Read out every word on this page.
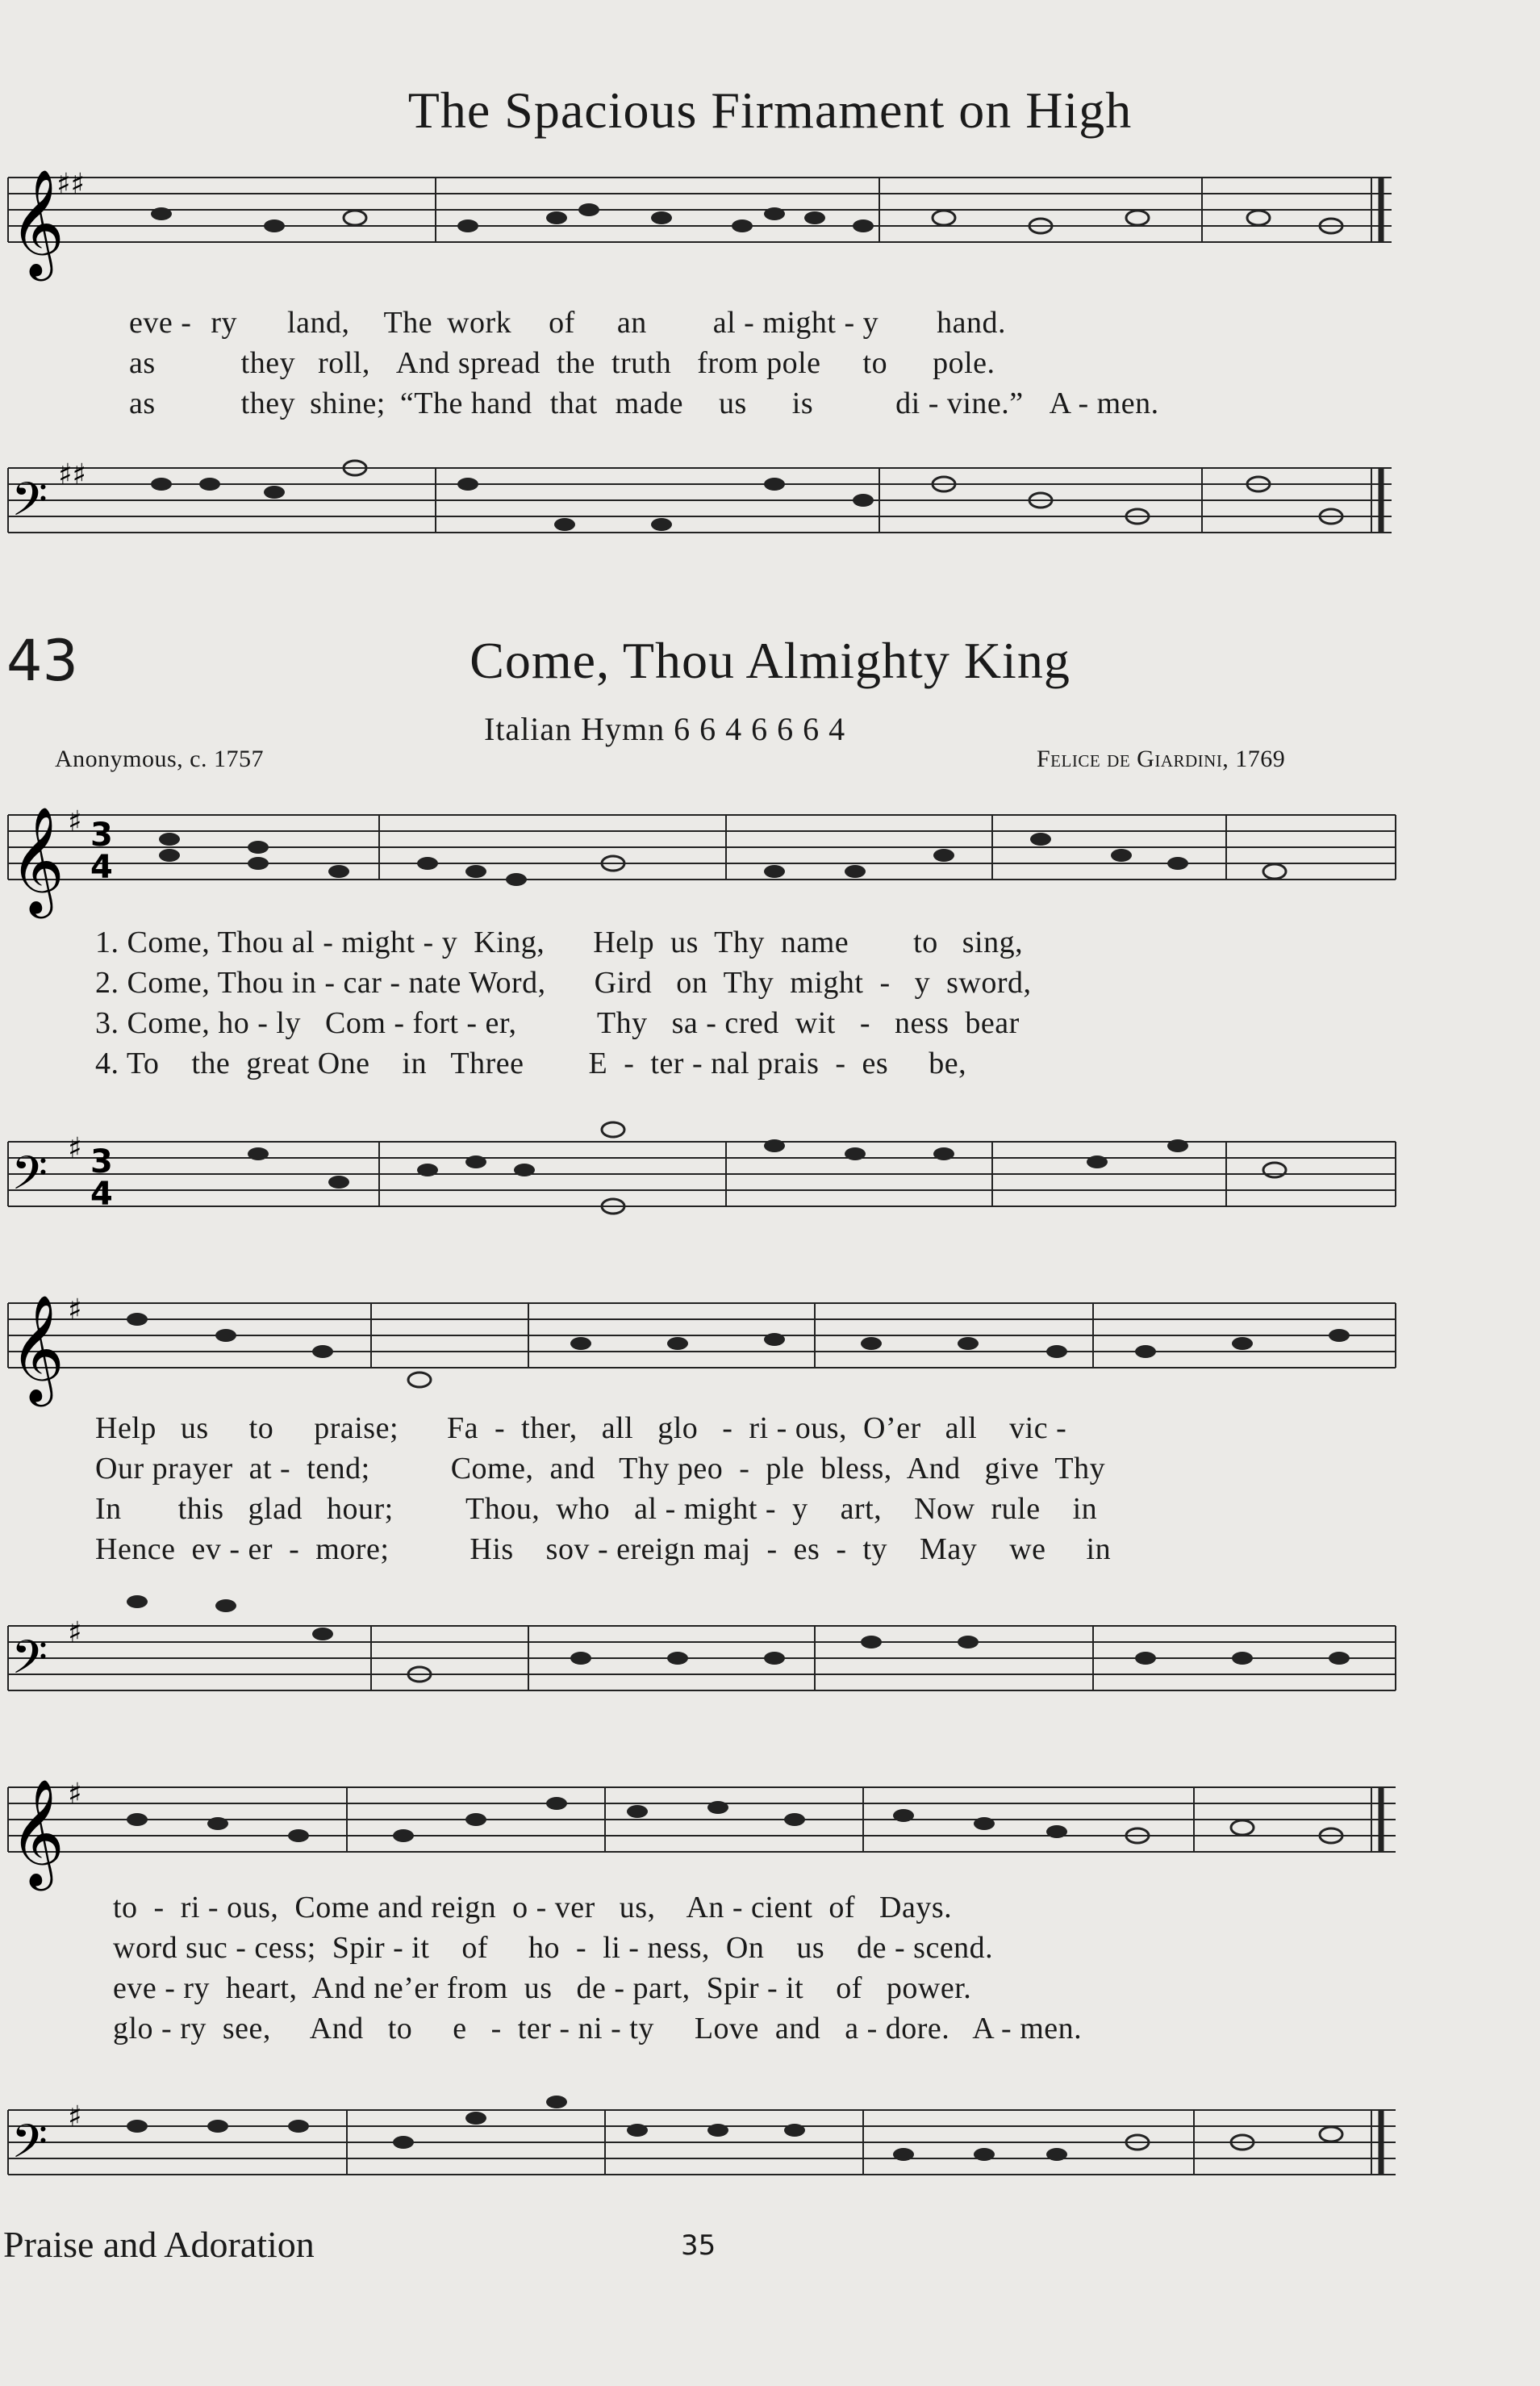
The Spacious Firmament on High
𝄞
♯♯
𝄢 ♯♯
eve - ry land, The work of an al - might - y hand.
as	they roll, And spread the truth from pole to pole.
as	they shine; “The hand that made us is	di - vine.” A - men.
43	Come, Thou Almighty King
Italian Hymn 6 6 4 6 6 6 4
Anonymous, c. 1757	Felice de Giardini, 1769
𝄞
𝄢
𝄞
𝄢
𝄞
𝄢
♯
♯
♯
♯
♯
♯
3
4
3
4
1. Come, Thou al - might - y  King,      Help  us  Thy  name        to   sing,
2. Come, Thou in - car - nate Word,      Gird   on  Thy  might  -   y  sword,
3. Come, ho - ly   Com - fort - er,          Thy   sa - cred  wit   -   ness  bear
4. To    the  great One    in   Three        E  -  ter - nal prais  -  es     be,
Help   us     to     praise;      Fa  -  ther,   all   glo   -  ri - ous,  O’er   all    vic -
Our prayer  at -  tend;          Come,  and   Thy peo  -  ple  bless,  And   give  Thy
In       this   glad   hour;         Thou,  who   al - might -  y    art,    Now  rule    in
Hence  ev - er  -  more;          His    sov - ereign maj  -  es  -  ty    May    we     in
to  -  ri - ous,  Come and reign  o - ver   us,    An - cient  of   Days.
word suc - cess;  Spir - it    of     ho  -  li - ness,  On    us    de - scend.
eve - ry  heart,  And ne’er from  us   de - part,  Spir - it    of   power.
glo - ry  see,     And   to     e   -  ter - ni - ty     Love  and   a - dore.   A - men.
Praise and Adoration	35
